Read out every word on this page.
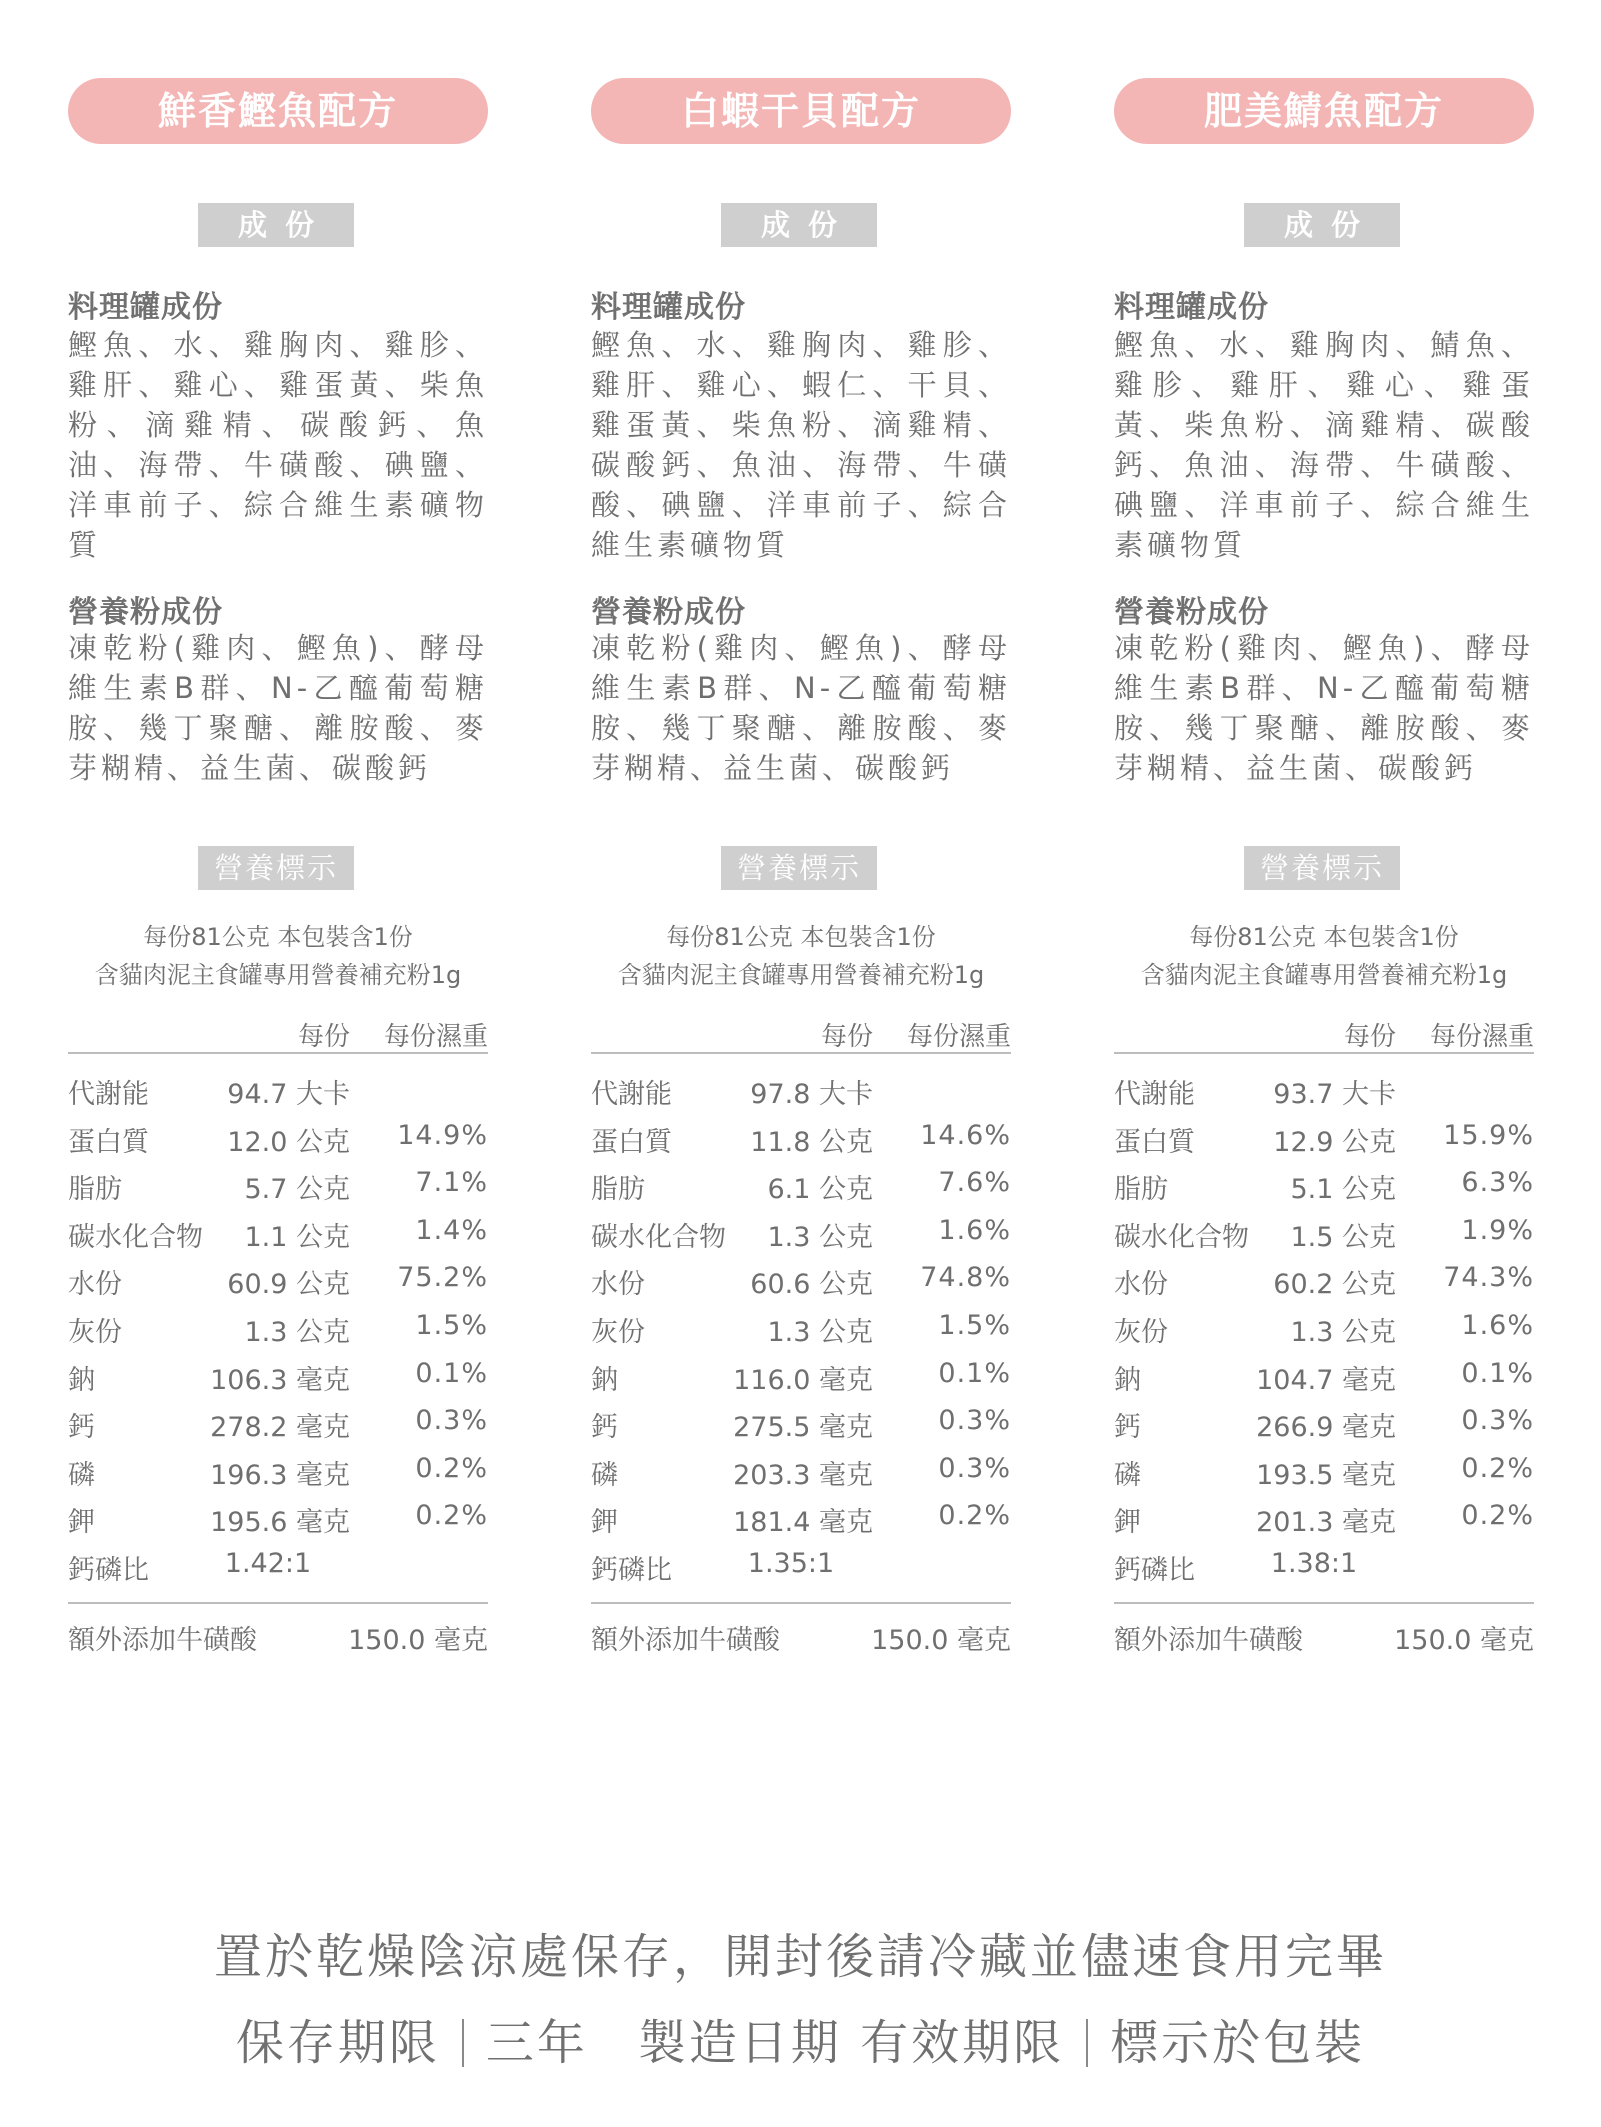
鮮香鰹魚配方
成份
料理罐成份
鰹魚、水、雞胸肉、雞胗、雞肝、雞心、雞蛋黃、柴魚粉、滴雞精、碳酸鈣、魚油、海帶、牛磺酸、碘鹽、洋車前子、綜合維生素礦物質
營養粉成份
凍乾粉(雞肉、鰹魚)、酵母維生素B群、N-乙醯葡萄糖胺、幾丁聚醣、離胺酸、麥芽糊精、益生菌、碳酸鈣
營養標示
每份81公克 本包裝含1份
含貓肉泥主食罐專用營養補充粉1g
每份 每份濕重
代謝能	94.7 大卡
蛋白質	12.0 公克 14.9%
脂肪	5.7 公克 7.1%
碳水化合物 1.1 公克 1.4%
水份	60.9 公克 75.2%
灰份	1.3 公克 1.5%
鈉	106.3 毫克 0.1%
鈣	278.2 毫克 0.3%
磷	196.3 毫克 0.2%
鉀	195.6 毫克 0.2%
鈣磷比	1.42:1
額外添加牛磺酸	150.0 毫克
白蝦干貝配方
成份
料理罐成份
鰹魚、水、雞胸肉、雞胗、雞肝、雞心、蝦仁、干貝、雞蛋黃、柴魚粉、滴雞精、碳酸鈣、魚油、海帶、牛磺酸、碘鹽、洋車前子、綜合維生素礦物質
營養粉成份
凍乾粉(雞肉、鰹魚)、酵母維生素B群、N-乙醯葡萄糖胺、幾丁聚醣、離胺酸、麥芽糊精、益生菌、碳酸鈣
營養標示
每份81公克 本包裝含1份
含貓肉泥主食罐專用營養補充粉1g
每份 每份濕重
代謝能	97.8 大卡
蛋白質	11.8 公克 14.6%
脂肪	6.1 公克 7.6%
碳水化合物 1.3 公克 1.6%
水份	60.6 公克 74.8%
灰份	1.3 公克 1.5%
鈉	116.0 毫克 0.1%
鈣	275.5 毫克 0.3%
磷	203.3 毫克 0.3%
鉀	181.4 毫克 0.2%
鈣磷比	1.35:1
額外添加牛磺酸	150.0 毫克
肥美鯖魚配方
成份
料理罐成份
鰹魚、水、雞胸肉、鯖魚、雞胗、雞肝、雞心、雞蛋黃、柴魚粉、滴雞精、碳酸鈣、魚油、海帶、牛磺酸、碘鹽、洋車前子、綜合維生素礦物質
營養粉成份
凍乾粉(雞肉、鰹魚)、酵母維生素B群、N-乙醯葡萄糖胺、幾丁聚醣、離胺酸、麥芽糊精、益生菌、碳酸鈣
營養標示
每份81公克 本包裝含1份
含貓肉泥主食罐專用營養補充粉1g
每份 每份濕重
代謝能	93.7 大卡
蛋白質	12.9 公克 15.9%
脂肪	5.1 公克 6.3%
碳水化合物 1.5 公克 1.9%
水份	60.2 公克 74.3%
灰份	1.3 公克 1.6%
鈉	104.7 毫克 0.1%
鈣	266.9 毫克 0.3%
磷	193.5 毫克 0.2%
鉀	201.3 毫克 0.2%
鈣磷比	1.38:1
額外添加牛磺酸	150.0 毫克
置於乾燥陰涼處保存，開封後請冷藏並儘速食用完畢
保存期限 三年 製造日期 有效期限 標示於包裝
